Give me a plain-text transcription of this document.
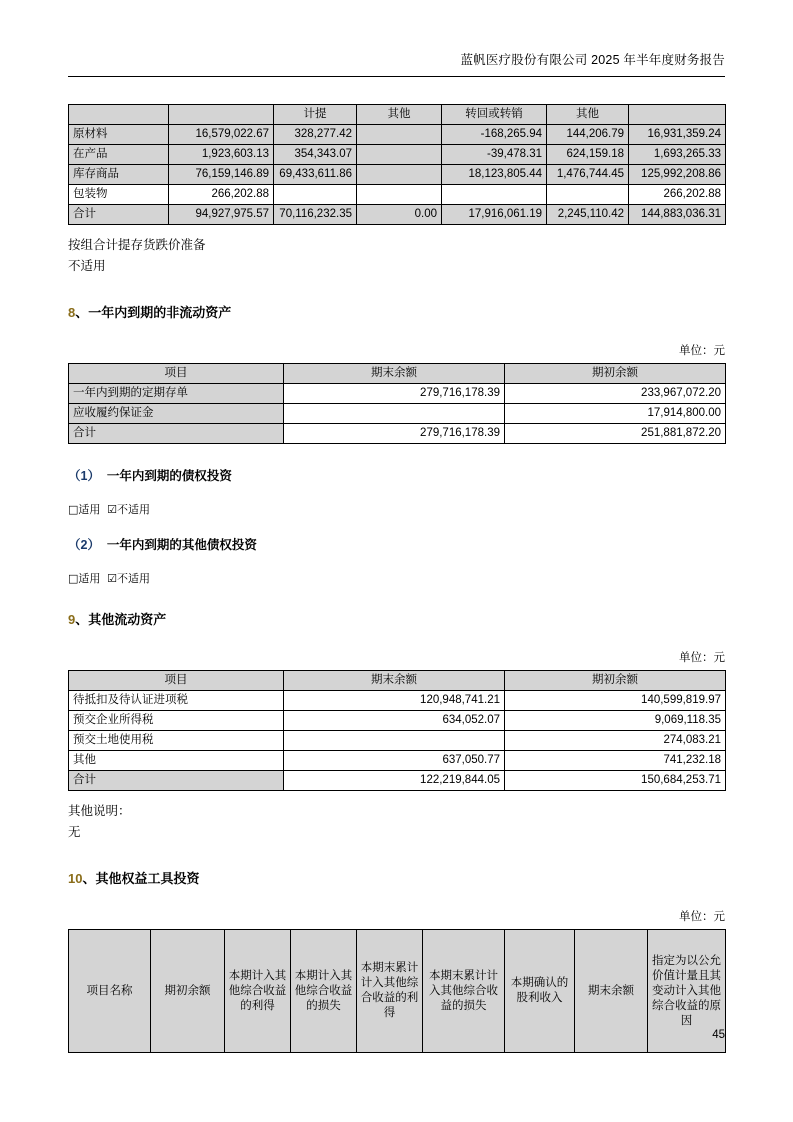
蓝帆医疗股份有限公司 2025 年半年度财务报告
		计提	其他	转回或转销	其他	
原材料	16,579,022.67	328,277.42		-168,265.94	144,206.79	16,931,359.24
在产品	1,923,603.13	354,343.07		-39,478.31	624,159.18	1,693,265.33
库存商品	76,159,146.89	69,433,611.86		18,123,805.44	1,476,744.45	125,992,208.86
包装物	266,202.88					266,202.88
合计	94,927,975.57	70,116,232.35	0.00	17,916,061.19	2,245,110.42	144,883,036.31

按组合计提存货跌价准备

不适用

8、一年内到期的非流动资产

单位：元
项目	期末余额	期初余额
一年内到期的定期存单	279,716,178.39	233,967,072.20
应收履约保证金		17,914,800.00
合计	279,716,178.39	251,881,872.20

（1） 一年内到期的债权投资

□适用 ☑不适用

（2） 一年内到期的其他债权投资

□适用 ☑不适用

9、其他流动资产

单位：元
项目	期末余额	期初余额
待抵扣及待认证进项税	120,948,741.21	140,599,819.97
预交企业所得税	634,052.07	9,069,118.35
预交土地使用税		274,083.21
其他	637,050.77	741,232.18
合计	122,219,844.05	150,684,253.71

其他说明：

无

10、其他权益工具投资

单位：元
项目名称	期初余额	本期计入其他综合收益的利得	本期计入其他综合收益的损失	本期末累计计入其他综合收益的利得	本期末累计计入其他综合收益的损失	本期确认的股利收入	期末余额	指定为以公允价值计量且其变动计入其他综合收益的原因
45
